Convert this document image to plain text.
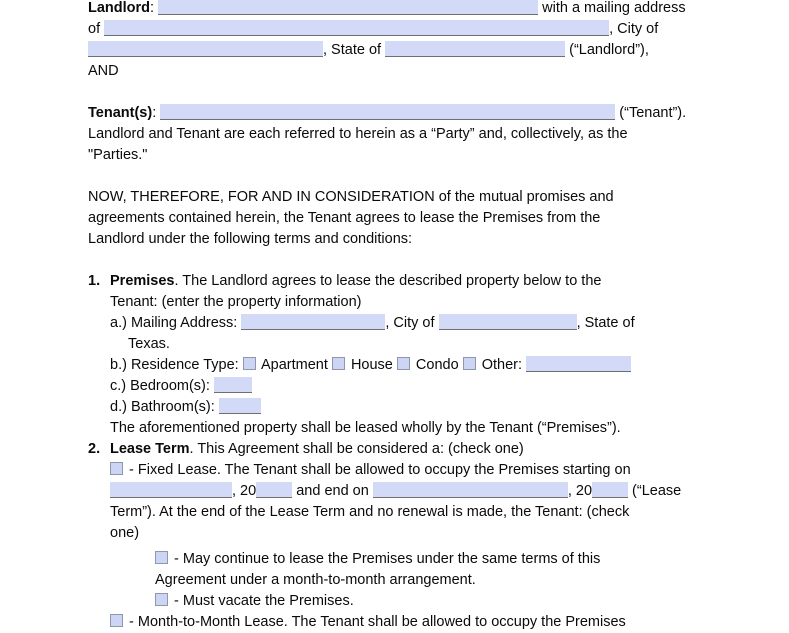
Landlord:	with a mailing address
of	, City of
, State of	(“Landlord”),
AND
Tenant(s):	(“Tenant”).
Landlord and Tenant are each referred to herein as a “Party” and, collectively, as the
"Parties."
NOW, THEREFORE, FOR AND IN CONSIDERATION of the mutual promises and
agreements contained herein, the Tenant agrees to lease the Premises from the
Landlord under the following terms and conditions:
1. Premises. The Landlord agrees to lease the described property below to the
Tenant: (enter the property information)
a.) Mailing Address:	, City of	, State of
Texas.
b.) Residence Type: Apartment House Condo Other:
c.) Bedroom(s):
d.) Bathroom(s):
The aforementioned property shall be leased wholly by the Tenant (“Premises”).
2. Lease Term. This Agreement shall be considered a: (check one)
- Fixed Lease. The Tenant shall be allowed to occupy the Premises starting on
, 20	and end on	, 20	(“Lease
Term”). At the end of the Lease Term and no renewal is made, the Tenant: (check
one)
- May continue to lease the Premises under the same terms of this
Agreement under a month-to-month arrangement.
- Must vacate the Premises.
- Month-to-Month Lease. The Tenant shall be allowed to occupy the Premises
